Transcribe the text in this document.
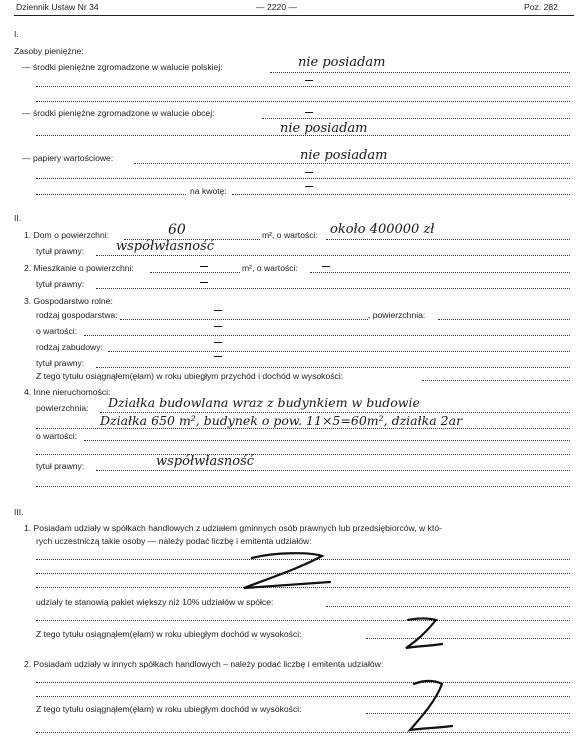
Dziennik Ustaw Nr 34	— 2220 —	Poz. 282
I.
Zasoby pieniężne:
— środki pieniężne zgromadzone w walucie polskiej:	nie posiadam
— środki pieniężne zgromadzone w walucie obcej:
nie posiadam
— papiery wartościowe:	nie posiadam
na kwotę:
II.
1. Dom o powierzchni:	60	m², o wartości: około 400000 zł
tytuł prawny: współwłasność
2. Mieszkanie o powierzchni:	m², o wartości:
tytuł prawny:
3. Gospodarstwo rolne:
rodzaj gospodarstwa:	, powierzchnia:
o wartości:
rodzaj zabudowy:
tytuł prawny:
Z tego tytułu osiągnąłem(ęłam) w roku ubiegłym przychód i dochód w wysokości:
4. Inne nieruchomości:
powierzchnia: Działka budowlana wraz z budynkiem w budowie
Działka 650 m², budynek o pow. 11×5=60m², działka 2ar
o wartości:
tytuł prawny:	współwłasność
III.
1. Posiadam udziały w spółkach handlowych z udziałem gminnych osób prawnych lub przedsiębiorców, w któ-
rych uczestniczą takie osoby — należy podać liczbę i emitenta udziałów:
udziały te stanowią pakiet większy niż 10% udziałów w spółce:
Z tego tytułu osiągnąłem(ęłam) w roku ubiegłym dochód w wysokości:
2. Posiadam udziały w innych spółkach handlowych – należy podać liczbę i emitenta udziałów:
Z tego tytułu osiągnąłem(ęłam) w roku ubiegłym dochód w wysokości:
